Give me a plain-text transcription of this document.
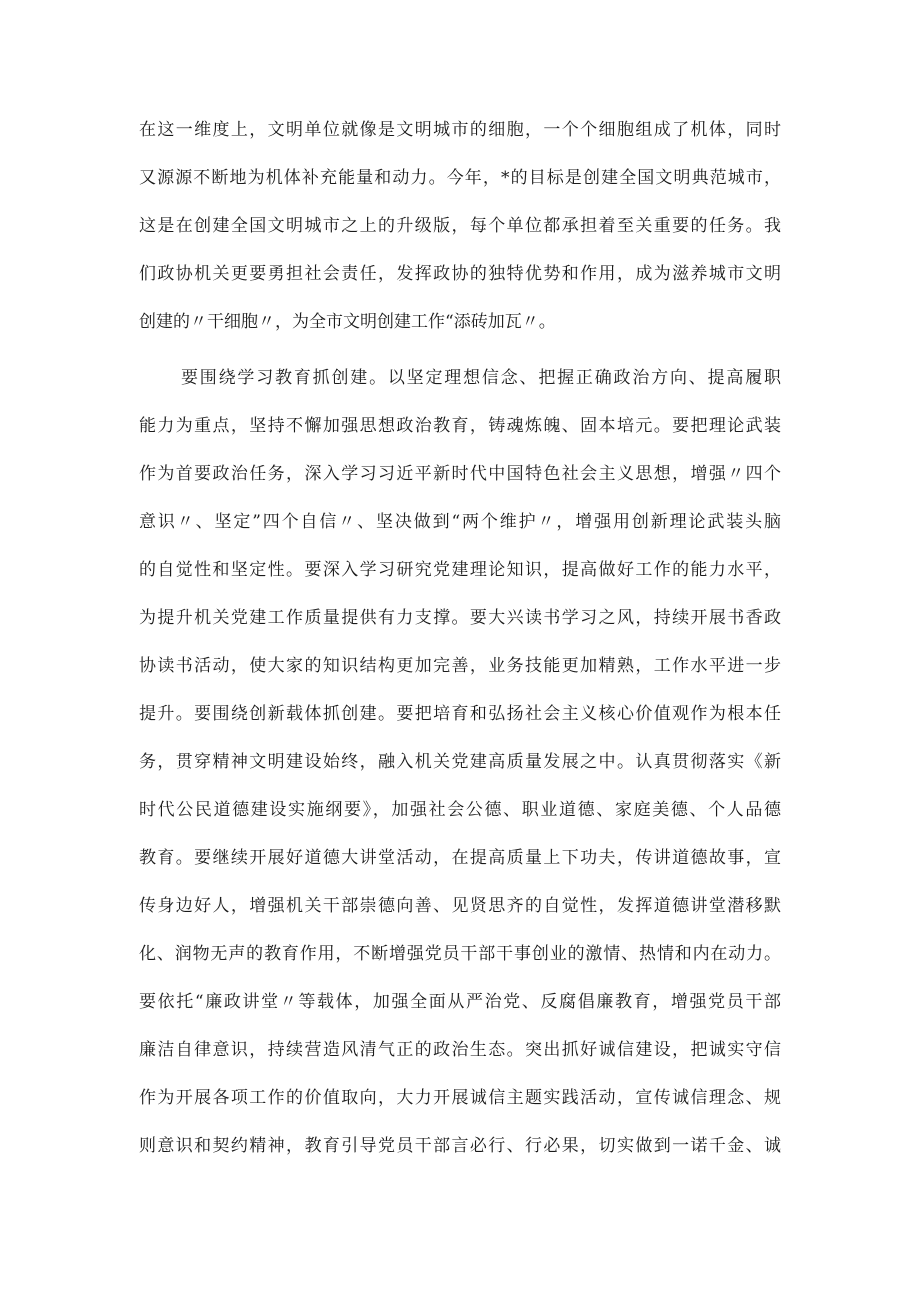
在这一维度上，文明单位就像是文明城市的细胞，一个个细胞组成了机体，同时
又源源不断地为机体补充能量和动力。今年，*的目标是创建全国文明典范城市，
这是在创建全国文明城市之上的升级版，每个单位都承担着至关重要的任务。我
们政协机关更要勇担社会责任，发挥政协的独特优势和作用，成为滋养城市文明
创建的〃干细胞〃，为全市文明创建工作“添砖加瓦〃。
要围绕学习教育抓创建。以坚定理想信念、把握正确政治方向、提高履职
能力为重点，坚持不懈加强思想政治教育，铸魂炼魄、固本培元。要把理论武装
作为首要政治任务，深入学习习近平新时代中国特色社会主义思想，增强〃四个
意识〃、坚定”四个自信〃、坚决做到“两个维护〃，增强用创新理论武装头脑
的自觉性和坚定性。要深入学习研究党建理论知识，提高做好工作的能力水平，
为提升机关党建工作质量提供有力支撑。要大兴读书学习之风，持续开展书香政
协读书活动，使大家的知识结构更加完善，业务技能更加精熟，工作水平进一步
提升。要围绕创新载体抓创建。要把培育和弘扬社会主义核心价值观作为根本任
务，贯穿精神文明建设始终，融入机关党建高质量发展之中。认真贯彻落实《新
时代公民道德建设实施纲要》，加强社会公德、职业道德、家庭美德、个人品德
教育。要继续开展好道德大讲堂活动，在提高质量上下功夫，传讲道德故事，宣
传身边好人，增强机关干部崇德向善、见贤思齐的自觉性，发挥道德讲堂潜移默
化、润物无声的教育作用，不断增强党员干部干事创业的激情、热情和内在动力。
要依托“廉政讲堂〃等载体，加强全面从严治党、反腐倡廉教育，增强党员干部
廉洁自律意识，持续营造风清气正的政治生态。突出抓好诚信建设，把诚实守信
作为开展各项工作的价值取向，大力开展诚信主题实践活动，宣传诚信理念、规
则意识和契约精神，教育引导党员干部言必行、行必果，切实做到一诺千金、诚
